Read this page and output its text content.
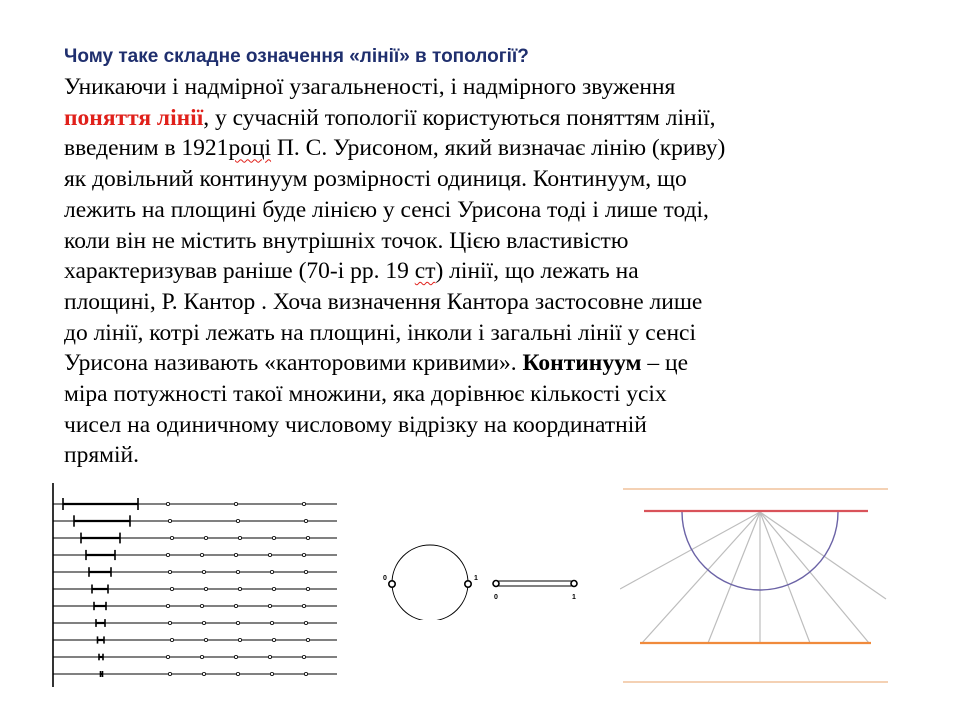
Чому таке складне означення «лінії» в топології?
Уникаючи і надмірної узагальненості, і надмірного звуження
поняття лінії, у сучасній топології користуються поняттям лінії,
введеним в 1921році П. С. Урисоном, який визначає лінію (криву)
як довільний континуум розмірності одиниця. Континуум, що
лежить на площині буде лінією у сенсі Урисона тоді і лише тоді,
коли він не містить внутрішніх точок. Цією властивістю
характеризував раніше (70-і рр. 19 ст) лінії, що лежать на
площині, Р. Кантор . Хоча визначення Кантора застосовне лише
до лінії, котрі лежать на площині, інколи і загальні лінії у сенсі
Урисона називають «канторовими кривими». Континуум – це
міра потужності такої множини, яка дорівнює кількості усіх
чисел на одиничному числовому відрізку на координатній
прямій.
0	1
0	1
